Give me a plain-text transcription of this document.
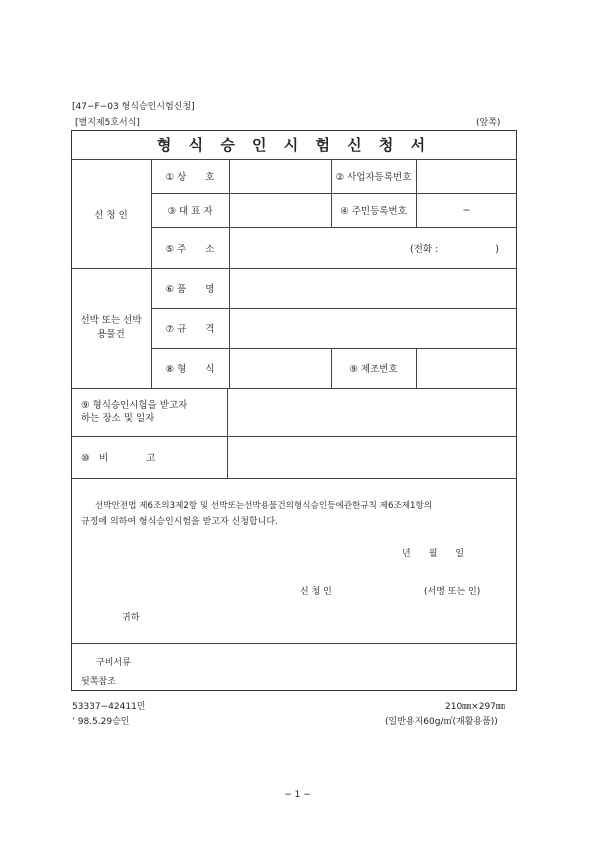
[47−F−03 형식승인시험신청]
[별지제5호서식]	(앞쪽)
형 식 승 인 시 험 신 청 서
신 청 인
① 상　　호	② 사업자등록번호
③ 대 표 자	④ 주민등록번호	−
⑤ 주　　소	(전화 :　　　　　　)
선박 또는 선박
용물건
⑥ 품　　명
⑦ 규　　격
⑧ 형　　식	⑨ 제조번호
⑨ 형식승인시험을 받고자
하는 장소 및 일자
⑩　비　　　　고
선박안전법 제6조의3제2항 및 선박또는선박용물건의형식승인등에관한규칙 제6조제1항의
규정에 의하여 형식승인시험을 받고자 신청합니다.
년　　월　　일
신 청 인	(서명 또는 인)
귀하
구비서류
뒷쪽참조
53337−42411민
’ 98.5.29승인
210㎜×297㎜
(일반용지60g/㎡(재활용품))
− 1 −
